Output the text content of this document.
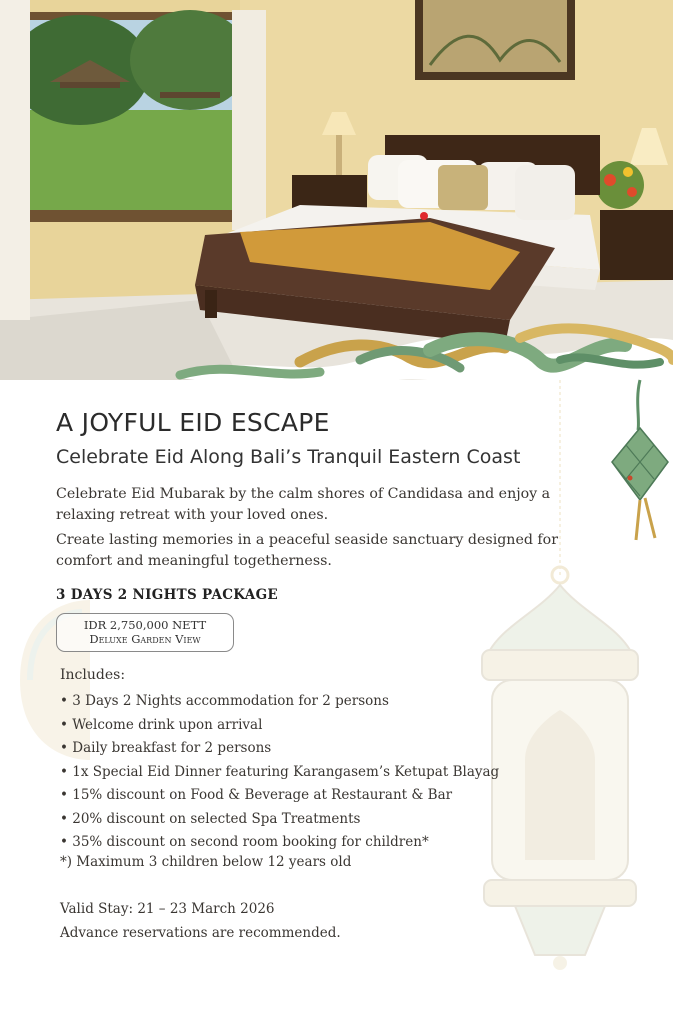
A JOYFUL EID ESCAPE
Celebrate Eid Along Bali’s Tranquil Eastern Coast
Celebrate Eid Mubarak by the calm shores of Candidasa and enjoy a relaxing retreat with your loved ones.
Create lasting memories in a peaceful seaside sanctuary designed for comfort and meaningful togetherness.
3 DAYS 2 NIGHTS PACKAGE
IDR 2,750,000 NETT
Deluxe Garden View
Includes:
• 3 Days 2 Nights accommodation for 2 persons
• Welcome drink upon arrival
• Daily breakfast for 2 persons
• 1x Special Eid Dinner featuring Karangasem’s Ketupat Blayag
• 15% discount on Food & Beverage at Restaurant & Bar
• 20% discount on selected Spa Treatments
• 35% discount on second room booking for children*
*) Maximum 3 children below 12 years old
Valid Stay: 21 – 23 March 2026
Advance reservations are recommended.
